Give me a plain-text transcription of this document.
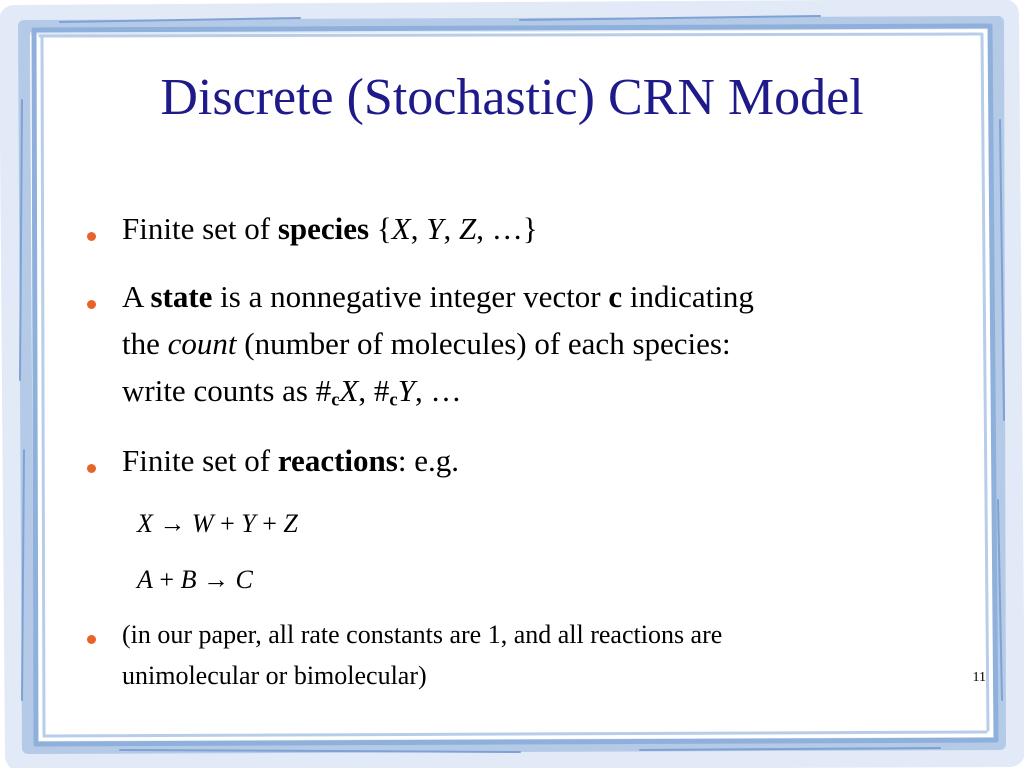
Discrete (Stochastic) CRN Model
Finite set of species {X, Y, Z, …}
A state is a nonnegative integer vector c indicating
the count (number of molecules) of each species:
write counts as $\#_cX$, $\#_cY$, …
Finite set of reactions: e.g.
X → W + Y + Z
A + B → C
(in our paper, all rate constants are 1, and all reactions are
unimolecular or bimolecular)	11
